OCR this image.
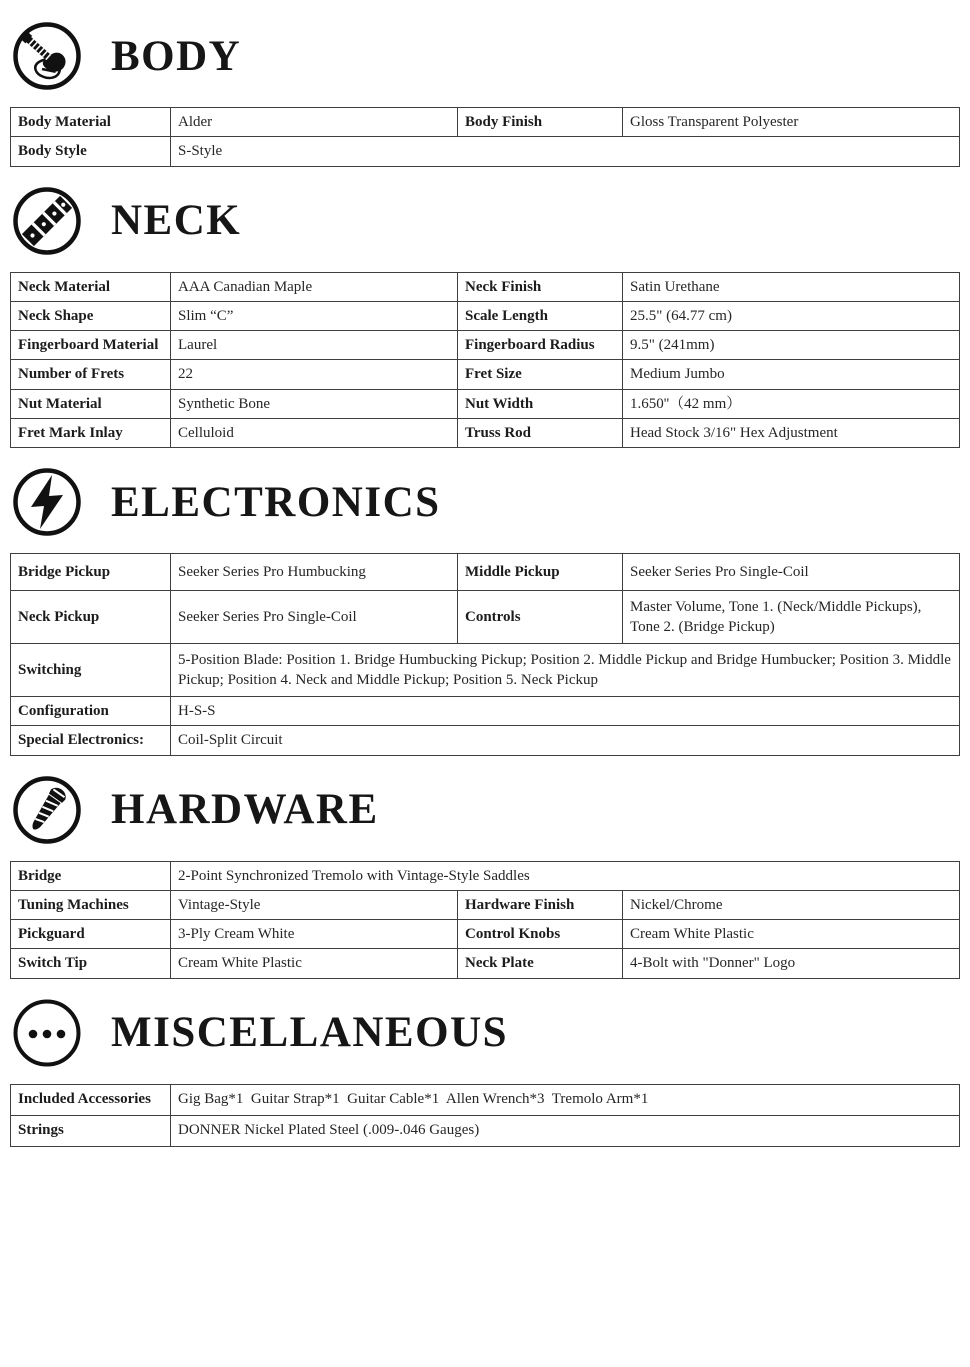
BODY
Body Material	Alder	Body Finish	Gloss Transparent Polyester
Body Style	S-Style		
NECK
Neck Material	AAA Canadian Maple	Neck Finish	Satin Urethane
Neck Shape	Slim “C”	Scale Length	25.5" (64.77 cm)
Fingerboard Material	Laurel	Fingerboard Radius	9.5" (241mm)
Number of Frets	22	Fret Size	Medium Jumbo
Nut Material	Synthetic Bone	Nut Width	1.650''（42 mm）
Fret Mark Inlay	Celluloid	Truss Rod	Head Stock 3/16" Hex Adjustment
ELECTRONICS
Bridge Pickup	Seeker Series Pro Humbucking	Middle Pickup	Seeker Series Pro Single-Coil
Neck Pickup	Seeker Series Pro Single-Coil	Controls	Master Volume, Tone 1. (Neck/Middle Pickups), Tone 2. (Bridge Pickup)
Switching	5-Position Blade: Position 1. Bridge Humbucking Pickup; Position 2. Middle Pickup and Bridge Humbucker; Position 3. Middle Pickup; Position 4. Neck and Middle Pickup; Position 5. Neck Pickup		
Configuration	H-S-S		
Special Electronics:	Coil-Split Circuit		
HARDWARE
Bridge	2-Point Synchronized Tremolo with Vintage-Style Saddles		
Tuning Machines	Vintage-Style	Hardware Finish	Nickel/Chrome
Pickguard	3-Ply Cream White	Control Knobs	Cream White Plastic
Switch Tip	Cream White Plastic	Neck Plate	4-Bolt with "Donner" Logo
MISCELLANEOUS
Included Accessories	Gig Bag*1  Guitar Strap*1  Guitar Cable*1  Allen Wrench*3  Tremolo Arm*1
Strings	DONNER Nickel Plated Steel (.009-.046 Gauges)
